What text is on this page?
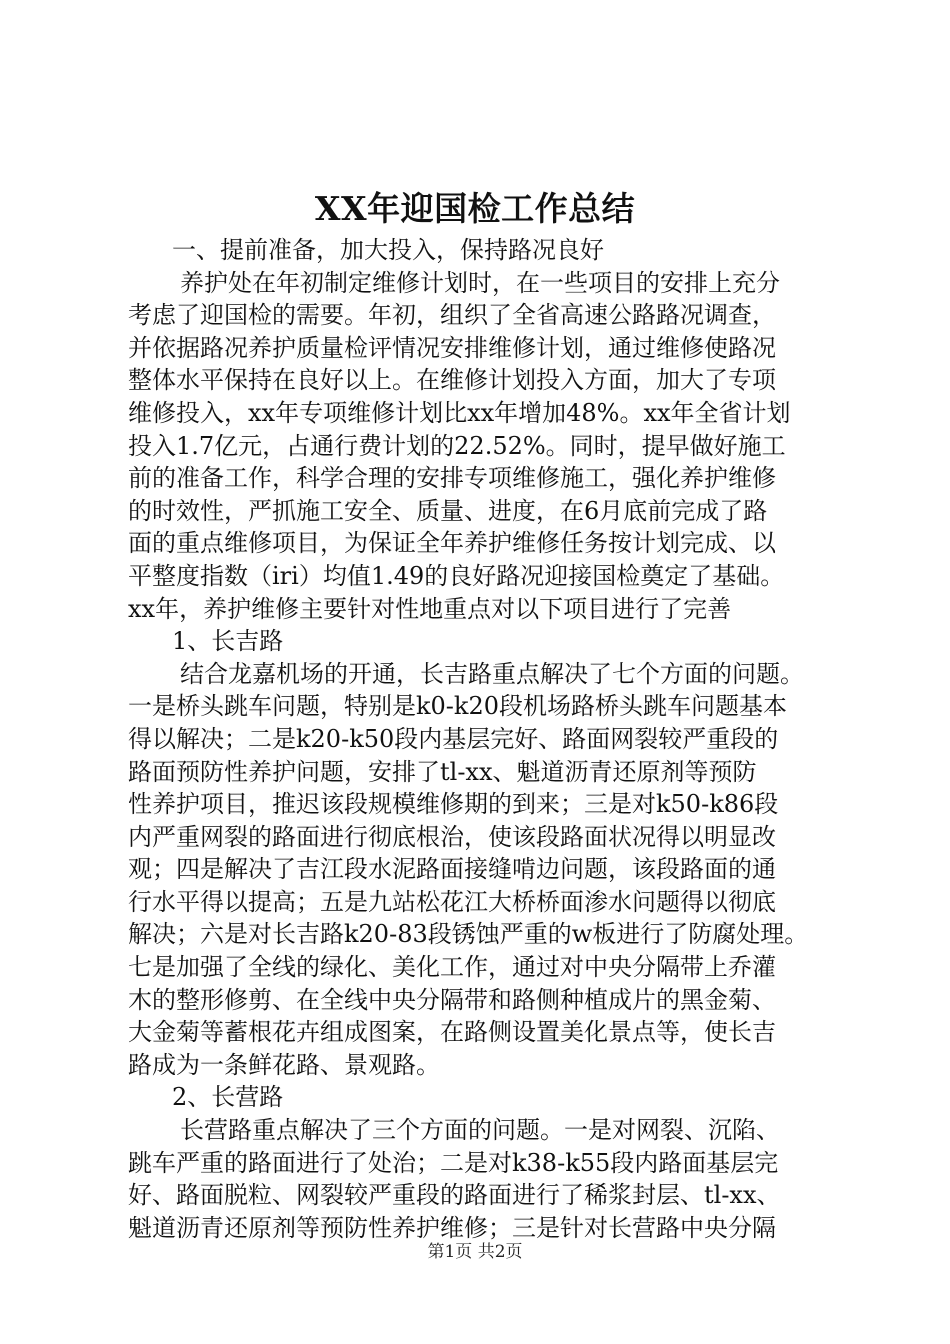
XX年迎国检工作总结
一、提前准备，加大投入，保持路况良好
养护处在年初制定维修计划时，在一些项目的安排上充分
考虑了迎国检的需要。年初，组织了全省高速公路路况调查，
并依据路况养护质量检评情况安排维修计划，通过维修使路况
整体水平保持在良好以上。在维修计划投入方面，加大了专项
维修投入，xx年专项维修计划比xx年增加48%。xx年全省计划
投入1.7亿元，占通行费计划的22.52%。同时，提早做好施工
前的准备工作，科学合理的安排专项维修施工，强化养护维修
的时效性，严抓施工安全、质量、进度，在6月底前完成了路
面的重点维修项目，为保证全年养护维修任务按计划完成、以
平整度指数（iri）均值1.49的良好路况迎接国检奠定了基础。
xx年，养护维修主要针对性地重点对以下项目进行了完善
1、长吉路
结合龙嘉机场的开通，长吉路重点解决了七个方面的问题。
一是桥头跳车问题，特别是k0-k20段机场路桥头跳车问题基本
得以解决；二是k20-k50段内基层完好、路面网裂较严重段的
路面预防性养护问题，安排了tl-xx、魁道沥青还原剂等预防
性养护项目，推迟该段规模维修期的到来；三是对k50-k86段
内严重网裂的路面进行彻底根治，使该段路面状况得以明显改
观；四是解决了吉江段水泥路面接缝啃边问题，该段路面的通
行水平得以提高；五是九站松花江大桥桥面渗水问题得以彻底
解决；六是对长吉路k20-83段锈蚀严重的w板进行了防腐处理。
七是加强了全线的绿化、美化工作，通过对中央分隔带上乔灌
木的整形修剪、在全线中央分隔带和路侧种植成片的黑金菊、
大金菊等蓄根花卉组成图案，在路侧设置美化景点等，使长吉
路成为一条鲜花路、景观路。
2、长营路
长营路重点解决了三个方面的问题。一是对网裂、沉陷、
跳车严重的路面进行了处治；二是对k38-k55段内路面基层完
好、路面脱粒、网裂较严重段的路面进行了稀浆封层、tl-xx、
魁道沥青还原剂等预防性养护维修；三是针对长营路中央分隔
第1页 共2页
